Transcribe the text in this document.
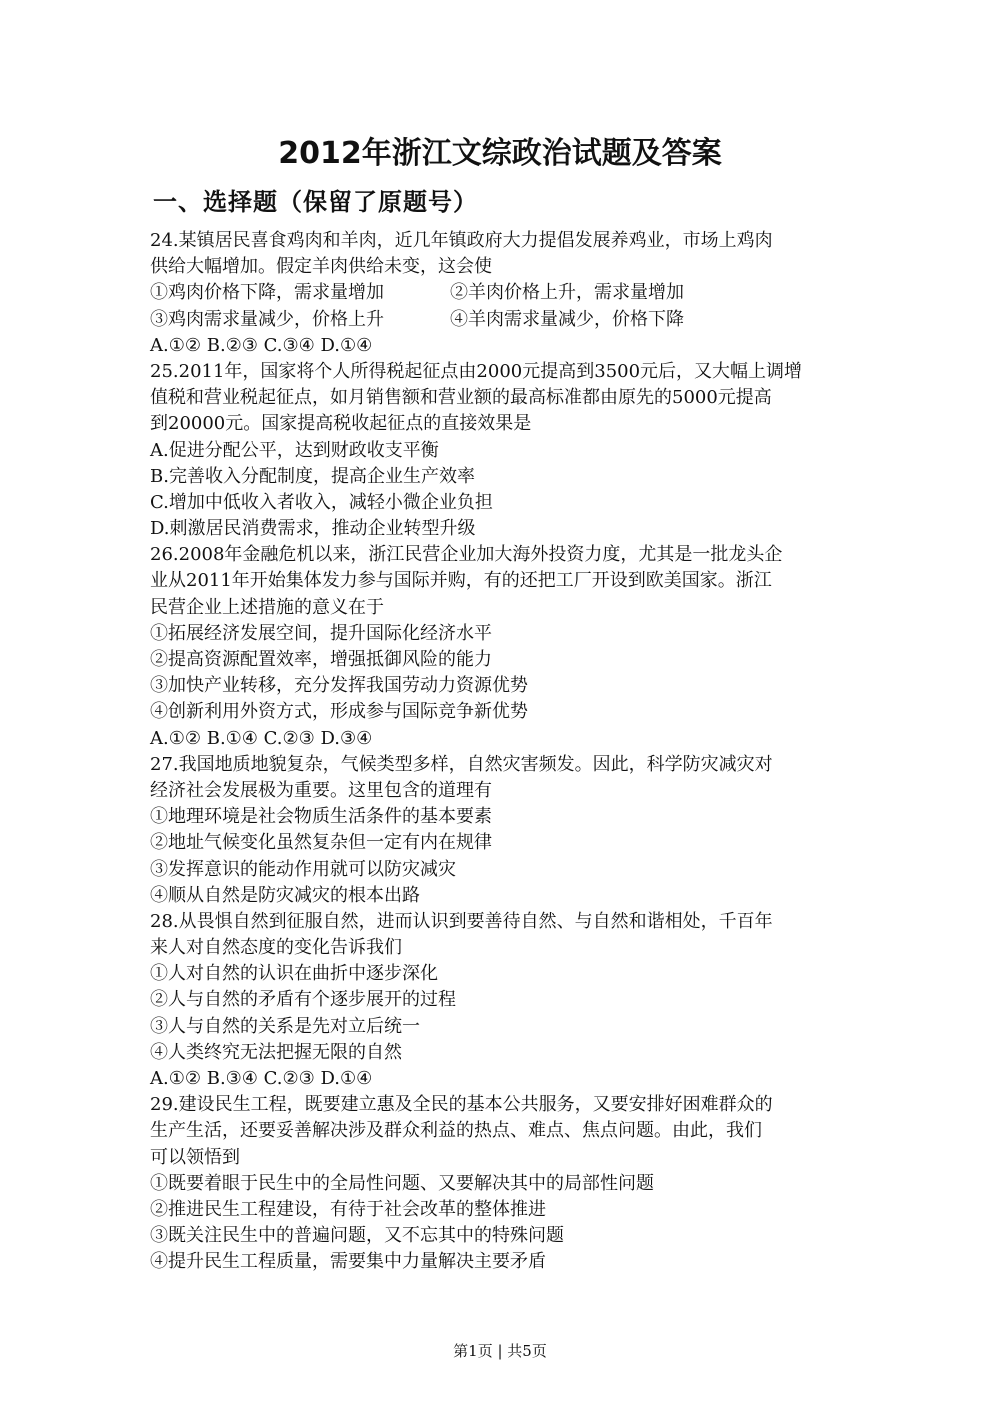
2012年浙江文综政治试题及答案
一、选择题（保留了原题号）
24.某镇居民喜食鸡肉和羊肉，近几年镇政府大力提倡发展养鸡业，市场上鸡肉
供给大幅增加。假定羊肉供给未变，这会使
①鸡肉价格下降，需求量增加	②羊肉价格上升，需求量增加
③鸡肉需求量减少，价格上升	④羊肉需求量减少，价格下降
A.①② B.②③ C.③④ D.①④
25.2011年，国家将个人所得税起征点由2000元提高到3500元后，又大幅上调增
值税和营业税起征点，如月销售额和营业额的最高标准都由原先的5000元提高
到20000元。国家提高税收起征点的直接效果是
A.促进分配公平，达到财政收支平衡
B.完善收入分配制度，提高企业生产效率
C.增加中低收入者收入，减轻小微企业负担
D.刺激居民消费需求，推动企业转型升级
26.2008年金融危机以来，浙江民营企业加大海外投资力度，尤其是一批龙头企
业从2011年开始集体发力参与国际并购，有的还把工厂开设到欧美国家。浙江
民营企业上述措施的意义在于
①拓展经济发展空间，提升国际化经济水平
②提高资源配置效率，增强抵御风险的能力
③加快产业转移，充分发挥我国劳动力资源优势
④创新利用外资方式，形成参与国际竞争新优势
A.①② B.①④ C.②③ D.③④
27.我国地质地貌复杂，气候类型多样，自然灾害频发。因此，科学防灾减灾对
经济社会发展极为重要。这里包含的道理有
①地理环境是社会物质生活条件的基本要素
②地址气候变化虽然复杂但一定有内在规律
③发挥意识的能动作用就可以防灾减灾
④顺从自然是防灾减灾的根本出路
28.从畏惧自然到征服自然，进而认识到要善待自然、与自然和谐相处，千百年
来人对自然态度的变化告诉我们
①人对自然的认识在曲折中逐步深化
②人与自然的矛盾有个逐步展开的过程
③人与自然的关系是先对立后统一
④人类终究无法把握无限的自然
A.①② B.③④ C.②③ D.①④
29.建设民生工程，既要建立惠及全民的基本公共服务，又要安排好困难群众的
生产生活，还要妥善解决涉及群众利益的热点、难点、焦点问题。由此，我们
可以领悟到
①既要着眼于民生中的全局性问题、又要解决其中的局部性问题
②推进民生工程建设，有待于社会改革的整体推进
③既关注民生中的普遍问题，又不忘其中的特殊问题
④提升民生工程质量，需要集中力量解决主要矛盾
第1页 | 共5页
